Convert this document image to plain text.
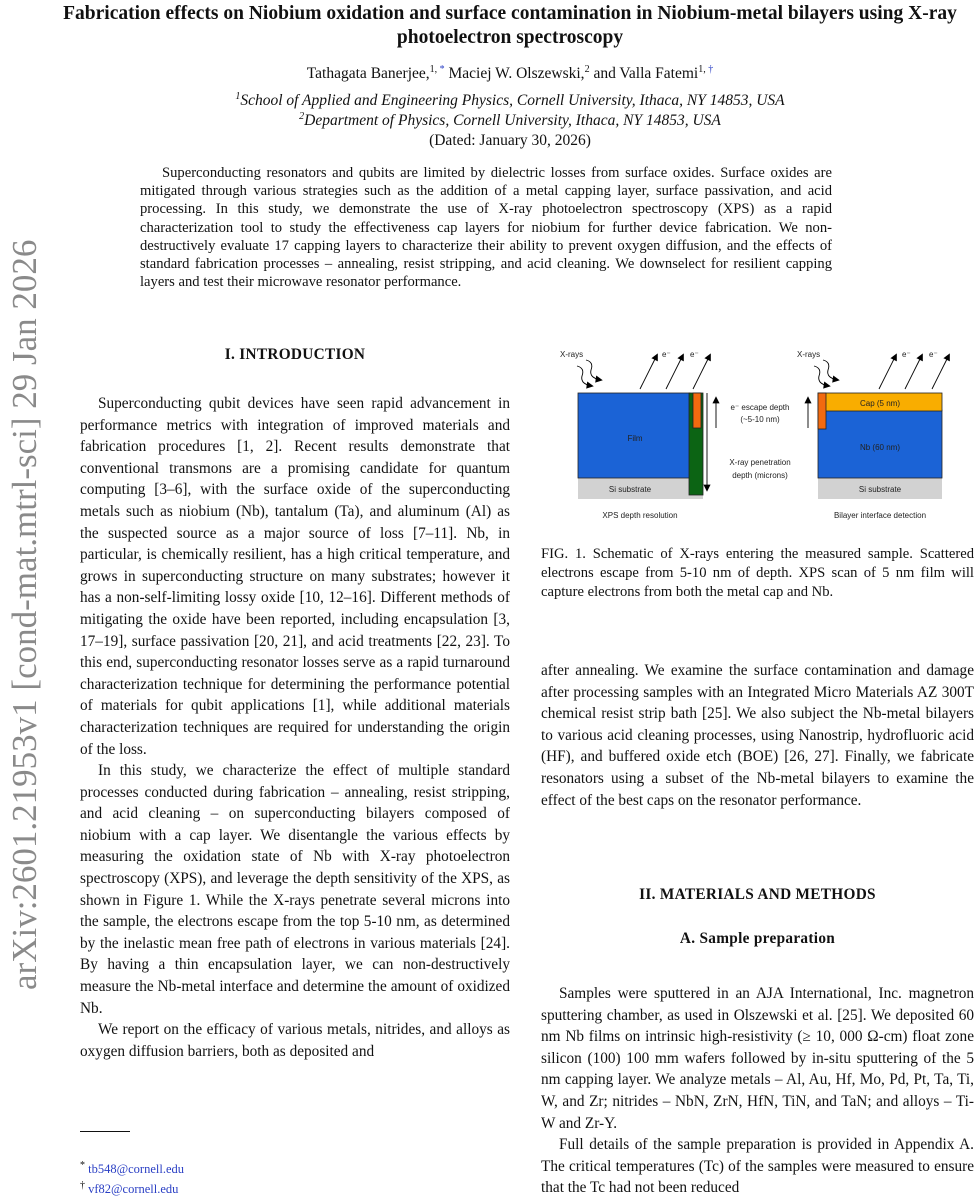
arXiv:2601.21953v1 [cond-mat.mtrl-sci] 29 Jan 2026
Fabrication effects on Niobium oxidation and surface contamination in Niobium-metal bilayers using X-ray photoelectron spectroscopy
Tathagata Banerjee,$^{1,}$ * Maciej W. Olszewski,$^2$ and Valla Fatemi$^{1,}$ †
$^1$School of Applied and Engineering Physics, Cornell University, Ithaca, NY 14853, USA
$^2$Department of Physics, Cornell University, Ithaca, NY 14853, USA
(Dated: January 30, 2026)
Superconducting resonators and qubits are limited by dielectric losses from surface oxides. Surface oxides are mitigated through various strategies such as the addition of a metal capping layer, surface passivation, and acid processing. In this study, we demonstrate the use of X-ray photoelectron spectroscopy (XPS) as a rapid characterization tool to study the effectiveness cap layers for niobium for further device fabrication. We non-destructively evaluate 17 capping layers to characterize their ability to prevent oxygen diffusion, and the effects of standard fabrication processes – annealing, resist stripping, and acid cleaning. We downselect for resilient capping layers and test their microwave resonator performance.
I. INTRODUCTION

Superconducting qubit devices have seen rapid advancement in performance metrics with integration of improved materials and fabrication procedures [1, 2]. Recent results demonstrate that conventional transmons are a promising candidate for quantum computing [3–6], with the surface oxide of the superconducting metals such as niobium (Nb), tantalum (Ta), and aluminum (Al) as the suspected source as a major source of loss [7–11]. Nb, in particular, is chemically resilient, has a high critical temperature, and grows in superconducting structure on many substrates; however it has a non-self-limiting lossy oxide [10, 12–16]. Different methods of mitigating the oxide have been reported, including encapsulation [3, 17–19], surface passivation [20, 21], and acid treatments [22, 23]. To this end, superconducting resonator losses serve as a rapid turnaround characterization technique for determining the performance potential of materials for qubit applications [1], while additional materials characterization techniques are required for understanding the origin of the loss.

In this study, we characterize the effect of multiple standard processes conducted during fabrication – annealing, resist stripping, and acid cleaning – on superconducting bilayers composed of niobium with a cap layer. We disentangle the various effects by measuring the oxidation state of Nb with X-ray photoelectron spectroscopy (XPS), and leverage the depth sensitivity of the XPS, as shown in Figure 1. While the X-rays penetrate several microns into the sample, the electrons escape from the top 5-10 nm, as determined by the inelastic mean free path of electrons in various materials [24]. By having a thin encapsulation layer, we can non-destructively measure the Nb-metal interface and determine the amount of oxidized Nb.

We report on the efficacy of various metals, nitrides, and alloys as oxygen diffusion barriers, both as deposited and

* tb548@cornell.edu
† vf82@cornell.edu
Film
Si substrate
X-rays	e⁻ e⁻
e⁻ escape depth
(~5-10 nm)
X-ray penetration
depth (microns)
XPS depth resolution
Cap (5 nm)
Nb (60 nm)
Si substrate
X-rays	e⁻ e⁻
Bilayer interface detection
FIG. 1. Schematic of X-rays entering the measured sample. Scattered electrons escape from 5-10 nm of depth. XPS scan of 5 nm film will capture electrons from both the metal cap and Nb.

after annealing. We examine the surface contamination and damage after processing samples with an Integrated Micro Materials AZ 300T chemical resist strip bath [25]. We also subject the Nb-metal bilayers to various acid cleaning processes, using Nanostrip, hydrofluoric acid (HF), and buffered oxide etch (BOE) [26, 27]. Finally, we fabricate resonators using a subset of the Nb-metal bilayers to examine the effect of the best caps on the resonator performance.

II. MATERIALS AND METHODS
A. Sample preparation

Samples were sputtered in an AJA International, Inc. magnetron sputtering chamber, as used in Olszewski et al. [25]. We deposited 60 nm Nb films on intrinsic high-resistivity (≥ 10, 000 Ω-cm) float zone silicon (100) 100 mm wafers followed by in-situ sputtering of the 5 nm capping layer. We analyze metals – Al, Au, Hf, Mo, Pd, Pt, Ta, Ti, W, and Zr; nitrides – NbN, ZrN, HfN, TiN, and TaN; and alloys – Ti-W and Zr-Y.

Full details of the sample preparation is provided in Appendix A. The critical temperatures (Tc) of the samples were measured to ensure that the Tc had not been reduced
